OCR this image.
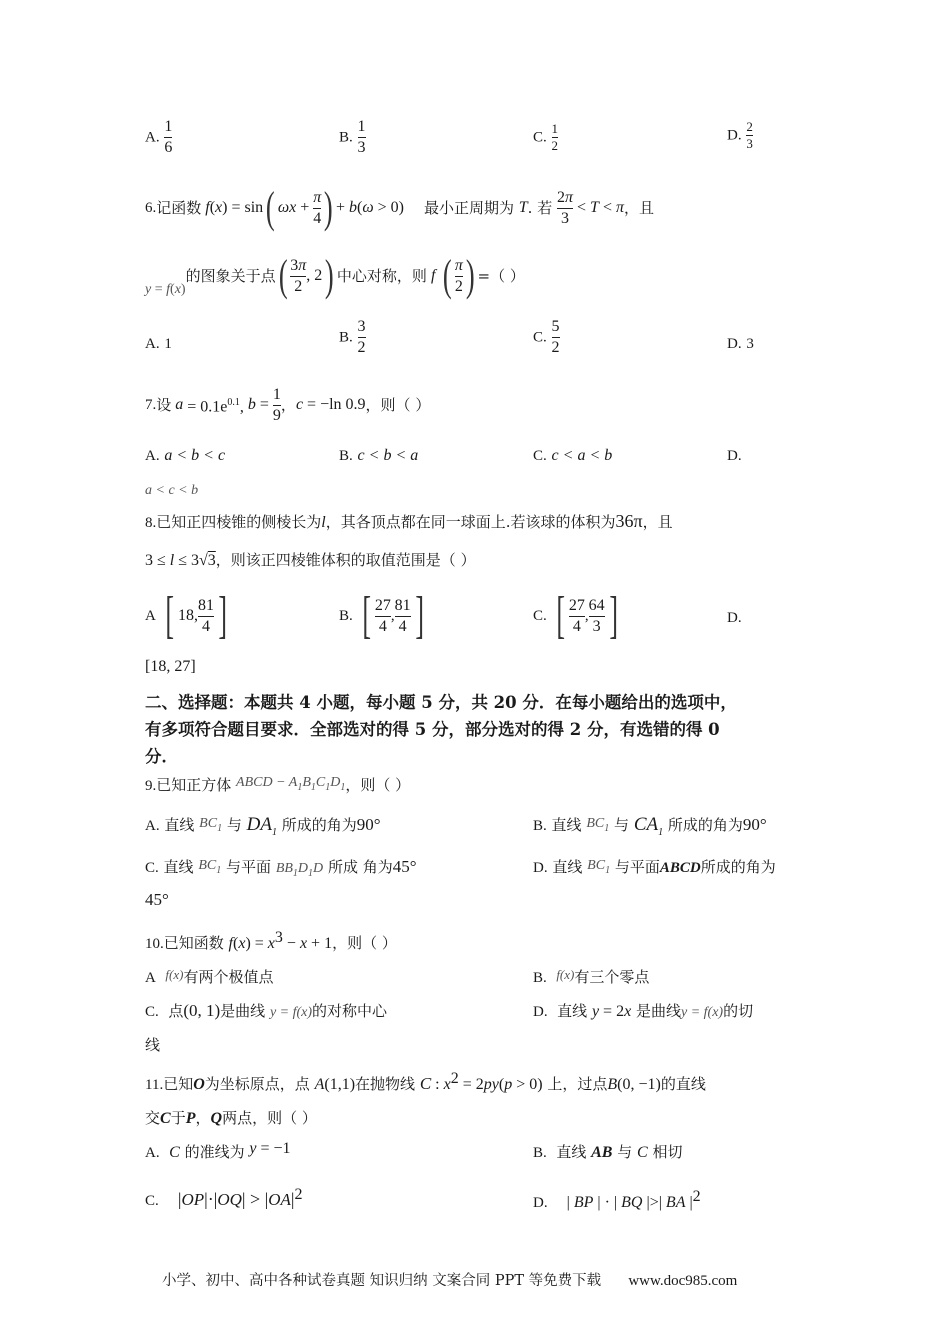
A. $\frac{1}{6}$	B. $\frac{1}{3}$	C. $\frac{1}{2}$	D. $\frac{2}{3}$
6. 记函数 f ( x ) = sin ( $\omega x + \frac{\pi}{4}$ ) + b ( ω > 0) 最小正周期为
T . 若
$\frac{2\pi}{3} < T < \pi$ ，且
y = f ( x )
的图象关于点 ( $\frac{3\pi}{2}$ , 2 ) 中心对称，则 f
( $\frac{\pi}{2}$ ) =（ ）
A. 1	B. $\frac{3}{2}$	C. $\frac{5}{2}$	D. 3
7. 设 $a = 0.1e^{0.1}$, $b = \frac{1}{9}$ ， c = −ln 0.9 ，则（ ）
A. a < b < c	B. c < b < a	C. c < a < b	D.
a < c < b
8.已知正四棱锥的侧棱长为l，其各顶点都在同一球面上.若该球的体积为36π，且
3 ≤ l ≤ 3√3，则该正四棱锥体积的取值范围是（ ）
A
[ 18, $\frac{81}{4}$ ]	B.
[ $\frac{27}{4}$ , $\frac{81}{4}$ ]	C.
[ $\frac{27}{4}$ , $\frac{64}{3}$ ]	D.
[18, 27]
二、选择题：本题共 4 小题，每小题 5 分，共 20 分．在每小题给出的选项中，
有多项符合题目要求．全部选对的得 5 分，部分选对的得 2 分，有选错的得 0
分．
9.已知正方体 ABCD − $A_1B_1C_1D_1$，则（ ）
A. 直线 $BC_1$ 与 $DA_1$ 所成的角为90°	B. 直线 $BC_1$ 与 $CA_1$ 所成的角为90°
C. 直线 $BC_1$ 与平面 $BB_1D_1D$ 所成 角为45°	D. 直线 $BC_1$ 与平面ABCD所成的角为
45°
10.已知函数 $f(x) = x^3 - x + 1$，则（ ）
A f(x)有两个极值点	B. f(x)有三个零点
C. 点(0, 1)是曲线 y = f(x)的对称中心	D. 直线 y = 2x 是曲线y = f(x)的切
线
11.已知O为坐标原点，点 A(1,1)在抛物线 C : $x^2 = 2py(p > 0)$ 上，过点B(0, −1)的直线
交C于P，Q两点，则（ ）
A. C 的准线为 y = −1	B. 直线 AB 与 C 相切
C. $|OP|\cdot|OQ| > |OA|^2$	D. | BP | · | BQ |>| BA $|^2$
小学、初中、高中各种试卷真题 知识归纳 文案合同 PPT 等免费下载 www.doc985.com
